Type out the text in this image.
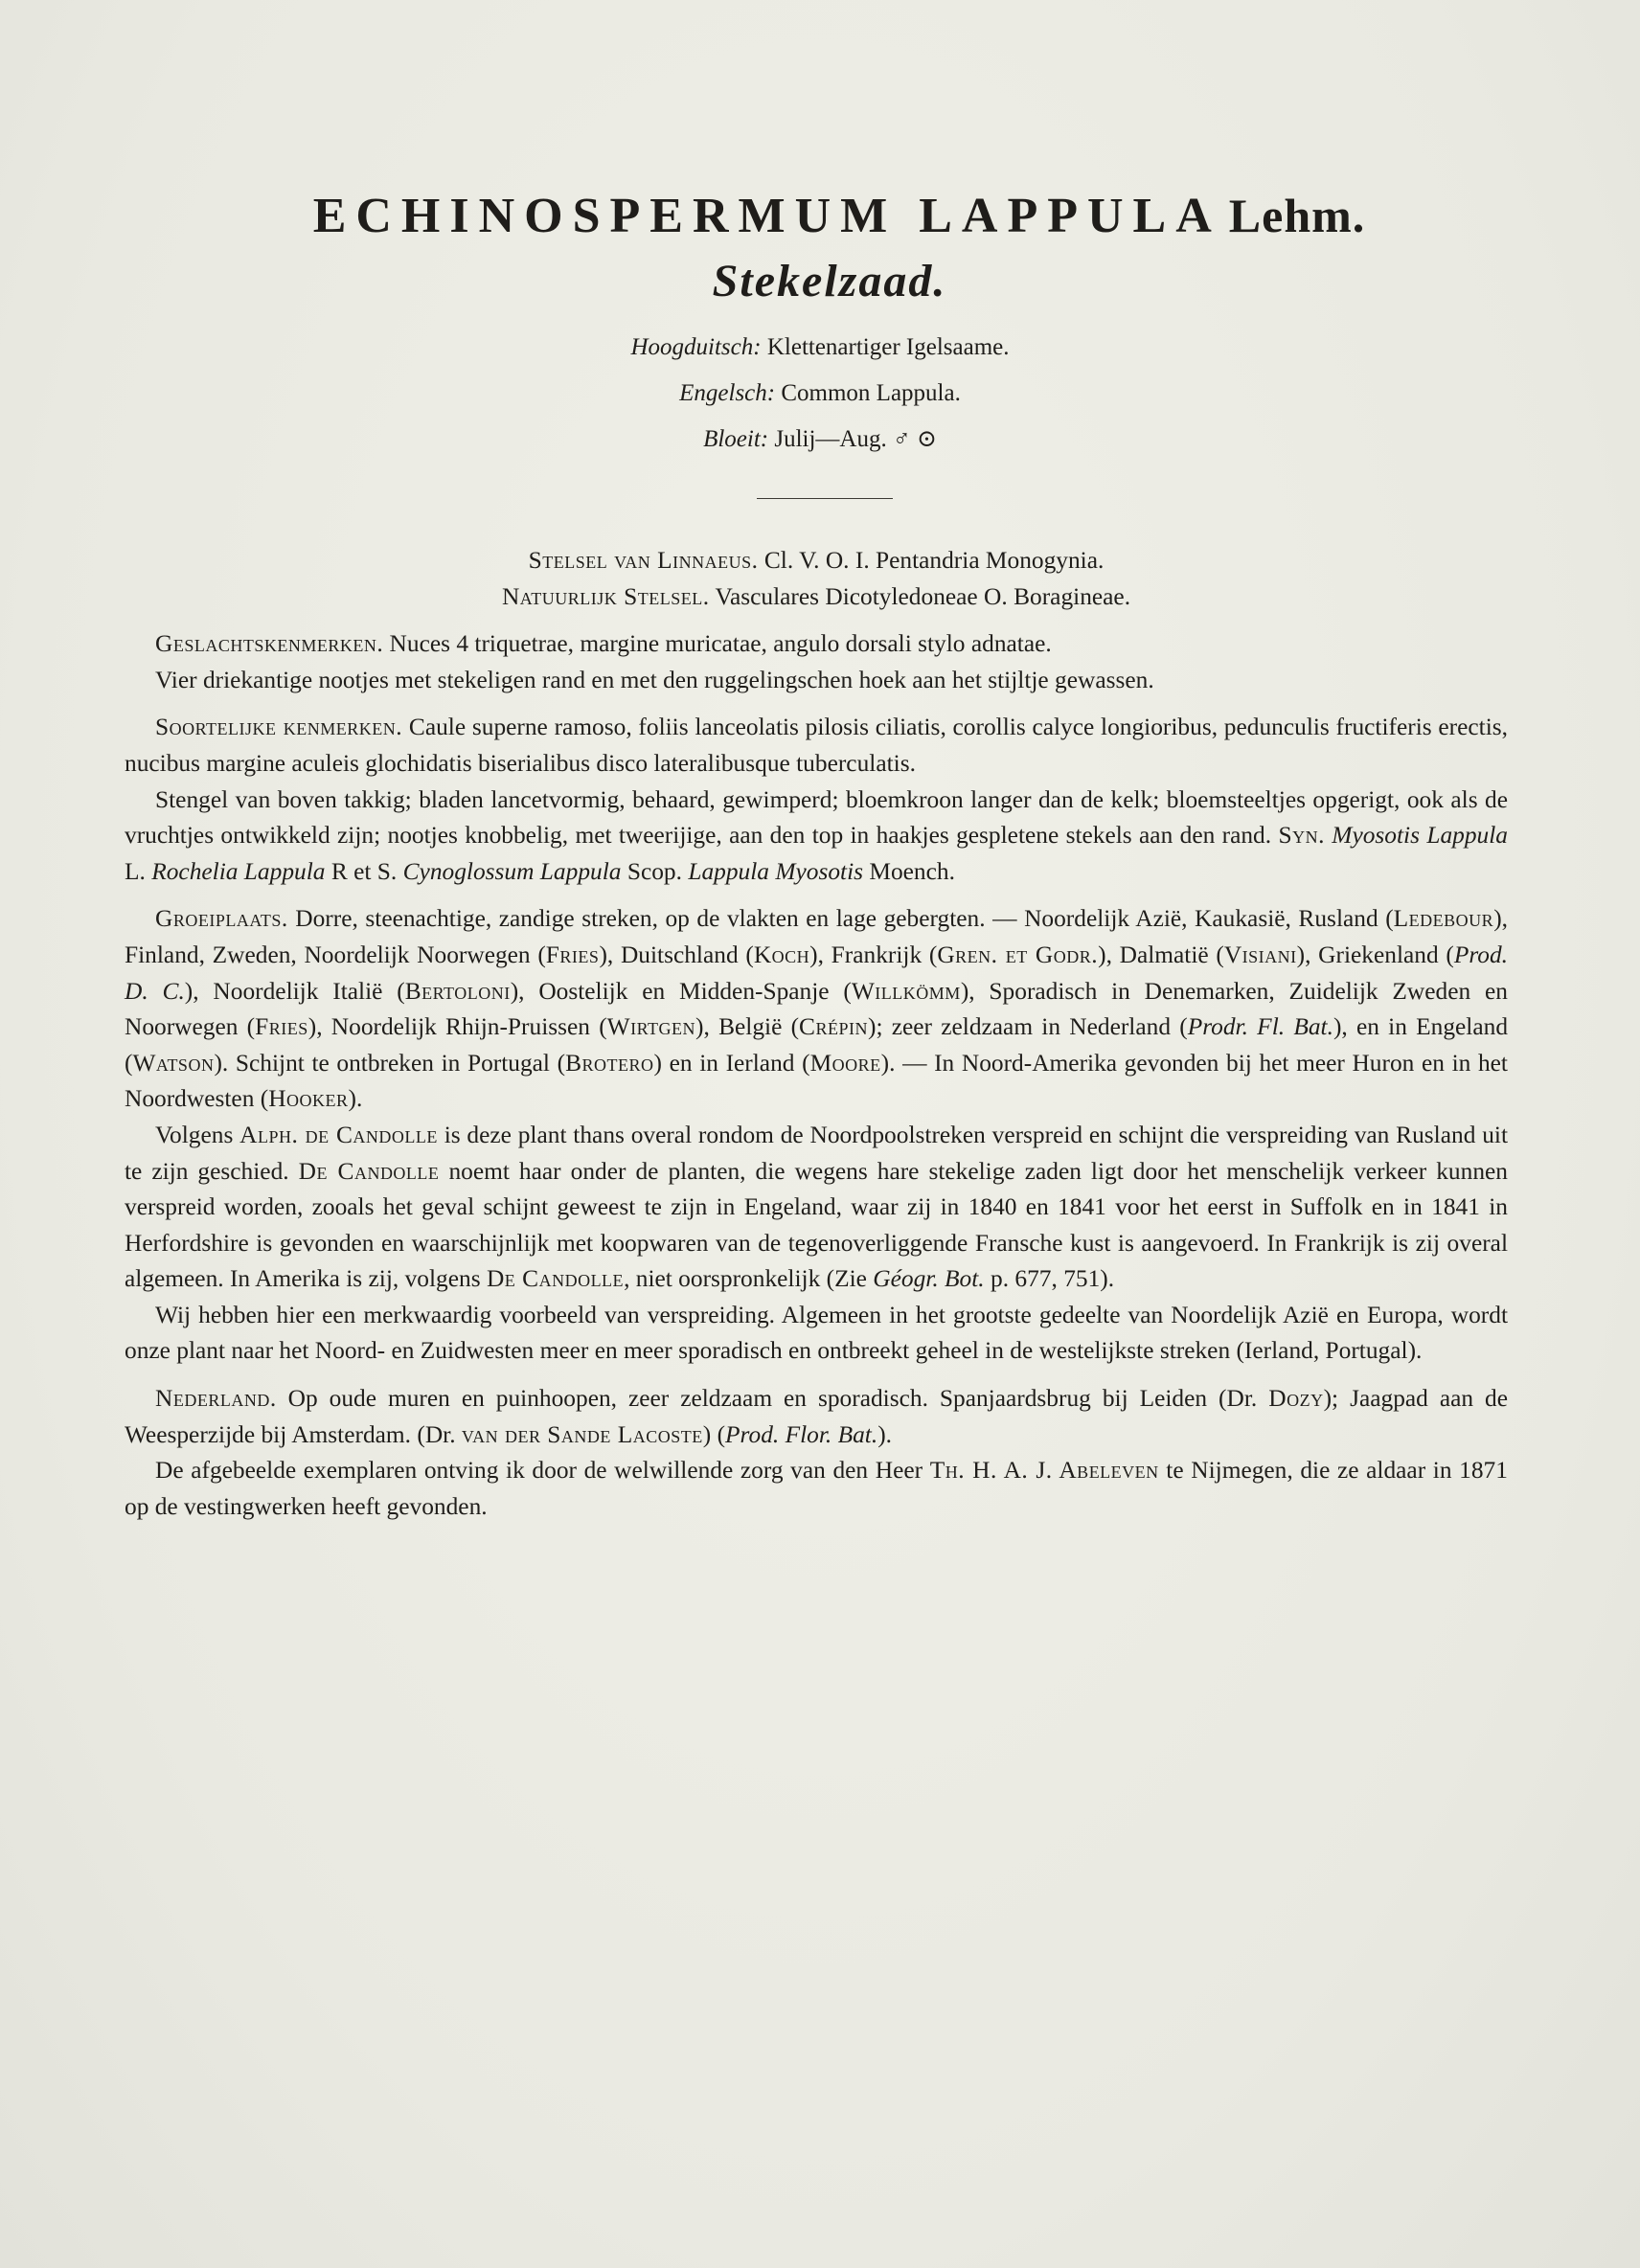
ECHINOSPERMUM LAPPULA Lehm.
Stekelzaad.
Hoogduitsch: Klettenartiger Igelsaame.
Engelsch: Common Lappula.
Bloeit: Julij—Aug. ♂ ⊙

Stelsel van Linnaeus. Cl. V. O. I. Pentandria Monogynia.

Natuurlijk Stelsel. Vasculares Dicotyledoneae O. Boragineae.

Geslachtskenmerken. Nuces 4 triquetrae, margine muricatae, angulo dorsali stylo adnatae.

Vier driekantige nootjes met stekeligen rand en met den ruggelingschen hoek aan het stijltje gewassen.

Soortelijke kenmerken. Caule superne ramoso, foliis lanceolatis pilosis ciliatis, corollis calyce longioribus, pedunculis fructiferis erectis, nucibus margine aculeis glochidatis biserialibus disco lateralibusque tuberculatis.

Stengel van boven takkig; bladen lancetvormig, behaard, gewimperd; bloemkroon langer dan de kelk; bloemsteeltjes opgerigt, ook als de vruchtjes ontwikkeld zijn; nootjes knobbelig, met tweerijige, aan den top in haakjes gespletene stekels aan den rand. Syn. Myosotis Lappula L. Rochelia Lappula R et S. Cynoglossum Lappula Scop. Lappula Myosotis Moench.

Groeiplaats. Dorre, steenachtige, zandige streken, op de vlakten en lage gebergten. — Noordelijk Azië, Kaukasië, Rusland (Ledebour), Finland, Zweden, Noordelijk Noorwegen (Fries), Duitschland (Koch), Frankrijk (Gren. et Godr.), Dalmatië (Visiani), Griekenland (Prod. D. C.), Noordelijk Italië (Bertoloni), Oostelijk en Midden-Spanje (Willkömm), Sporadisch in Denemarken, Zuidelijk Zweden en Noorwegen (Fries), Noordelijk Rhijn-Pruissen (Wirtgen), België (Crépin); zeer zeldzaam in Nederland (Prodr. Fl. Bat.), en in Engeland (Watson). Schijnt te ontbreken in Portugal (Brotero) en in Ierland (Moore). — In Noord-Amerika gevonden bij het meer Huron en in het Noordwesten (Hooker).

Volgens Alph. de Candolle is deze plant thans overal rondom de Noordpoolstreken verspreid en schijnt die verspreiding van Rusland uit te zijn geschied. De Candolle noemt haar onder de planten, die wegens hare stekelige zaden ligt door het menschelijk verkeer kunnen verspreid worden, zooals het geval schijnt geweest te zijn in Engeland, waar zij in 1840 en 1841 voor het eerst in Suffolk en in 1841 in Herfordshire is gevonden en waarschijnlijk met koopwaren van de tegenoverliggende Fransche kust is aangevoerd. In Frankrijk is zij overal algemeen. In Amerika is zij, volgens De Candolle, niet oorspronkelijk (Zie Géogr. Bot. p. 677, 751).

Wij hebben hier een merkwaardig voorbeeld van verspreiding. Algemeen in het grootste gedeelte van Noordelijk Azië en Europa, wordt onze plant naar het Noord- en Zuidwesten meer en meer sporadisch en ontbreekt geheel in de westelijkste streken (Ierland, Portugal).

Nederland. Op oude muren en puinhoopen, zeer zeldzaam en sporadisch. Spanjaardsbrug bij Leiden (Dr. Dozy); Jaagpad aan de Weesperzijde bij Amsterdam. (Dr. van der Sande Lacoste) (Prod. Flor. Bat.).

De afgebeelde exemplaren ontving ik door de welwillende zorg van den Heer Th. H. A. J. Abeleven te Nijmegen, die ze aldaar in 1871 op de vestingwerken heeft gevonden.
